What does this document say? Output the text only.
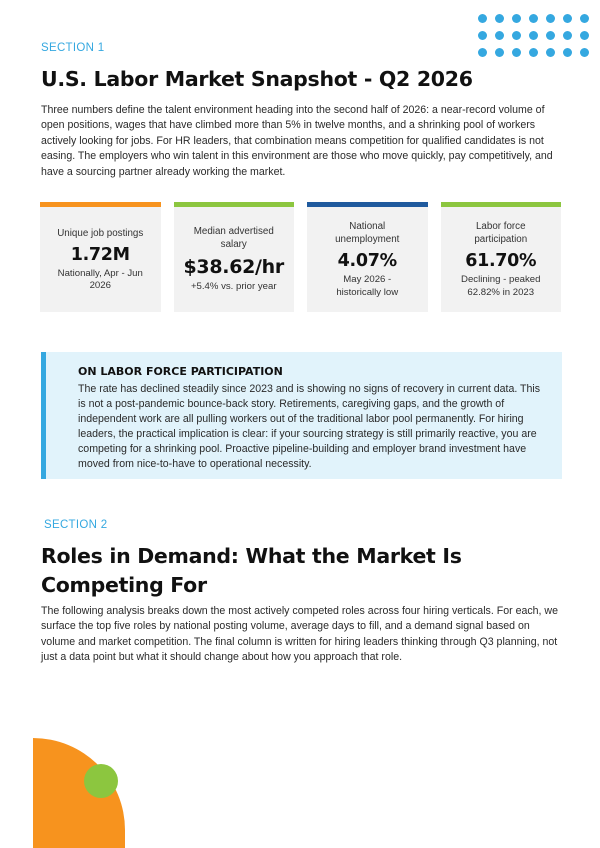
SECTION 1
U.S. Labor Market Snapshot - Q2 2026

Three numbers define the talent environment heading into the second half of 2026: a near-record volume of open positions, wages that have climbed more than 5% in twelve months, and a shrinking pool of workers actively looking for jobs. For HR leaders, that combination means competition for qualified candidates is not easing. The employers who win talent in this environment are those who move quickly, pay competitively, and have a sourcing partner already working the market.

Unique job postings
1.72M
Nationally, Apr - Jun 2026
Median advertised salary
$38.62/hr
+5.4% vs. prior year
National unemployment
4.07%
May 2026 - historically low
Labor force participation
61.70%
Declining - peaked 62.82% in 2023
ON LABOR FORCE PARTICIPATION

The rate has declined steadily since 2023 and is showing no signs of recovery in current data. This is not a post-pandemic bounce-back story. Retirements, caregiving gaps, and the growth of independent work are all pulling workers out of the traditional labor pool permanently. For hiring leaders, the practical implication is clear: if your sourcing strategy is still primarily reactive, you are competing for a shrinking pool. Proactive pipeline-building and employer brand investment have moved from nice-to-have to operational necessity.

SECTION 2
Roles in Demand: What the Market Is Competing For

The following analysis breaks down the most actively competed roles across four hiring verticals. For each, we surface the top five roles by national posting volume, average days to fill, and a demand signal based on volume and market competition. The final column is written for hiring leaders thinking through Q3 planning, not just a data point but what it should change about how you approach that role.
